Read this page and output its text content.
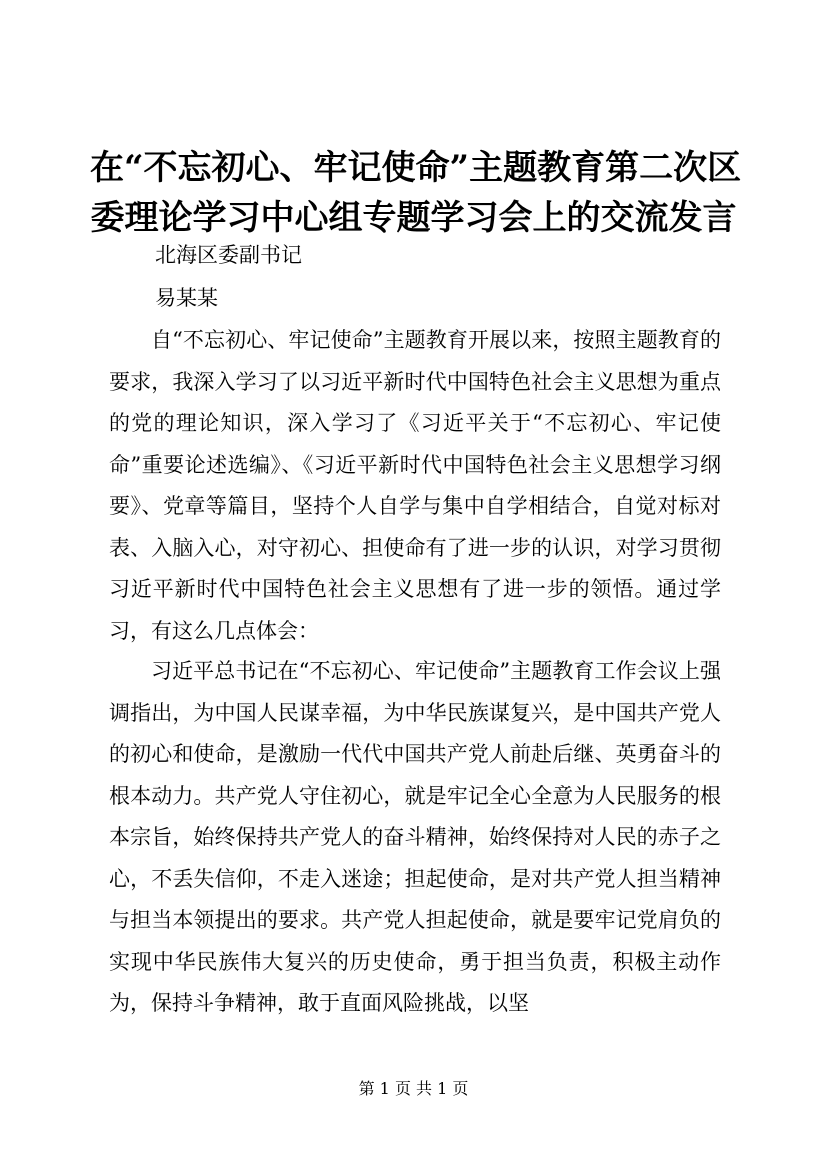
在“不忘初心、牢记使命”主题教育第二次区
委理论学习中心组专题学习会上的交流发言
北海区委副书记
易某某

自“不忘初心、牢记使命”主题教育开展以来，按照主题教育的要求，我深入学习了以习近平新时代中国特色社会主义思想为重点的党的理论知识，深入学习了《习近平关于“不忘初心、牢记使命”重要论述选编》、《习近平新时代中国特色社会主义思想学习纲要》、党章等篇目，坚持个人自学与集中自学相结合，自觉对标对表、入脑入心，对守初心、担使命有了进一步的认识，对学习贯彻习近平新时代中国特色社会主义思想有了进一步的领悟。通过学习，有这么几点体会：

习近平总书记在“不忘初心、牢记使命”主题教育工作会议上强调指出，为中国人民谋幸福，为中华民族谋复兴，是中国共产党人的初心和使命，是激励一代代中国共产党人前赴后继、英勇奋斗的根本动力。共产党人守住初心，就是牢记全心全意为人民服务的根本宗旨，始终保持共产党人的奋斗精神，始终保持对人民的赤子之心，不丢失信仰，不走入迷途；担起使命，是对共产党人担当精神与担当本领提出的要求。共产党人担起使命，就是要牢记党肩负的实现中华民族伟大复兴的历史使命，勇于担当负责，积极主动作为，保持斗争精神，敢于直面风险挑战，以坚

第 1 页 共 1 页
